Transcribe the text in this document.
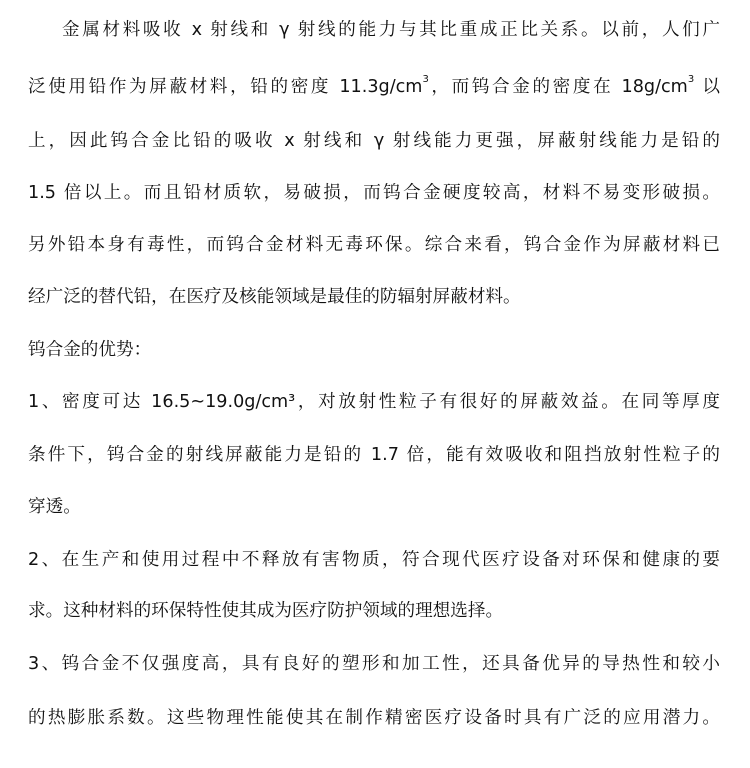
金属材料吸收 x 射线和 γ 射线的能力与其比重成正比关系。以前，人们广
泛使用铅作为屏蔽材料，铅的密度 $11.3g/cm^3$，而钨合金的密度在 $18g/cm^3$ 以
上，因此钨合金比铅的吸收 x 射线和 γ 射线能力更强，屏蔽射线能力是铅的
1.5 倍以上。而且铅材质软，易破损，而钨合金硬度较高，材料不易变形破损。
另外铅本身有毒性，而钨合金材料无毒环保。综合来看，钨合金作为屏蔽材料已
经广泛的替代铅，在医疗及核能领域是最佳的防辐射屏蔽材料。
钨合金的优势：
1、密度可达 16.5~19.0g/cm³，对放射性粒子有很好的屏蔽效益。在同等厚度
条件下，钨合金的射线屏蔽能力是铅的 1.7 倍，能有效吸收和阻挡放射性粒子的
穿透。
2、在生产和使用过程中不释放有害物质，符合现代医疗设备对环保和健康的要
求。这种材料的环保特性使其成为医疗防护领域的理想选择。
3、钨合金不仅强度高，具有良好的塑形和加工性，还具备优异的导热性和较小
的热膨胀系数。这些物理性能使其在制作精密医疗设备时具有广泛的应用潜力。
